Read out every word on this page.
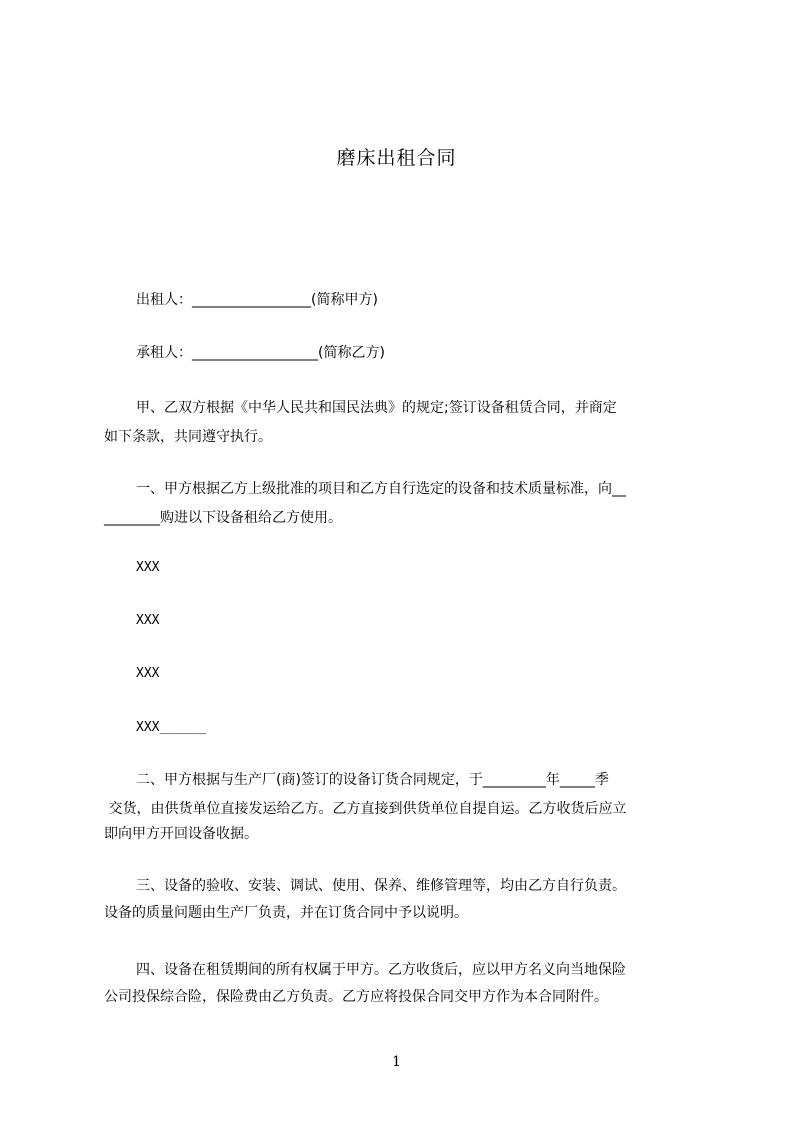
磨床出租合同
出租人：_________________(简称甲方)
承租人：__________________(简称乙方)
甲、乙双方根据《中华人民共和国民法典》的规定;签订设备租赁合同，并商定
如下条款，共同遵守执行。
一、甲方根据乙方上级批准的项目和乙方自行选定的设备和技术质量标准，向__
________购进以下设备租给乙方使用。
XXX
XXX
XXX
XXX______
二、甲方根据与生产厂(商)签订的设备订货合同规定，于_________年_____季
交货，由供货单位直接发运给乙方。乙方直接到供货单位自提自运。乙方收货后应立
即向甲方开回设备收据。
三、设备的验收、安装、调试、使用、保养、维修管理等，均由乙方自行负责。
设备的质量问题由生产厂负责，并在订货合同中予以说明。
四、设备在租赁期间的所有权属于甲方。乙方收货后，应以甲方名义向当地保险
公司投保综合险，保险费由乙方负责。乙方应将投保合同交甲方作为本合同附件。
1
